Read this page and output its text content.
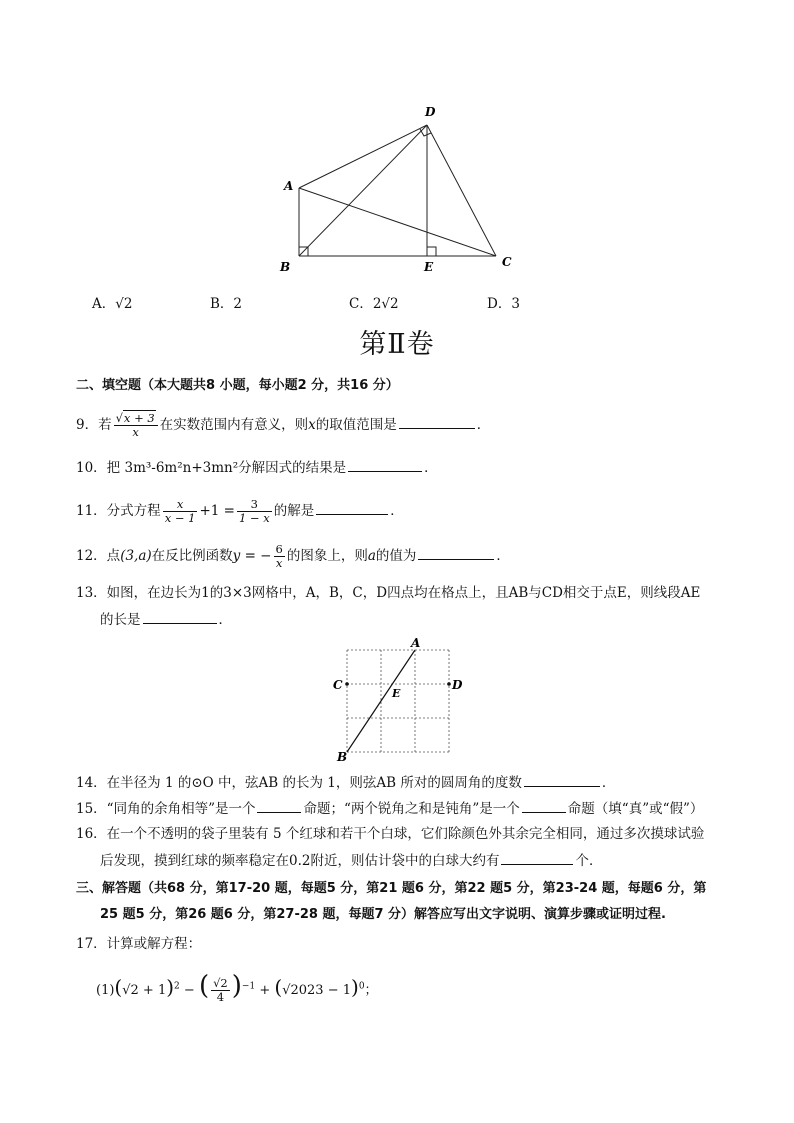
A
B	C
D
E
A．√2	B．2	C．2√2	D．3
第Ⅱ卷
二、填空题（本大题共8 小题，每小题2 分，共16 分）
9．若 $\frac{√x + 3}{x}$ 在实数范围内有意义，则x的取值范围是	．
10．把 3m³-6m²n+3mn²分解因式的结果是	．
11．分式方程 $\frac{x}{x - 1} +1 = \frac{3}{1 - x}$ 的解是	．
12．点(3,a)在反比例函数y = − $\frac{6}{x}$ 的图象上，则a的值为	．
13．如图，在边长为1的3×3网格中，A，B，C，D四点均在格点上，且AB与CD相交于点E，则线段AE
的长是	．
A
B
C	D
E
14．在半径为 1 的⊙O 中，弦AB 的长为 1，则弦AB 所对的圆周角的度数	．
15．“同角的余角相等”是一个	命题；“两个锐角之和是钝角”是一个	命题（填“真”或“假”）
16．在一个不透明的袋子里装有 5 个红球和若干个白球，它们除颜色外其余完全相同，通过多次摸球试验
后发现，摸到红球的频率稳定在0.2附近，则估计袋中的白球大约有	个．
三、解答题（共68 分，第17-20 题，每题5 分，第21 题6 分，第22 题5 分，第23-24 题，每题6 分，第
25 题5 分，第26 题6 分，第27-28 题，每题7 分）解答应写出文字说明、演算步骤或证明过程.
17．计算或解方程：
$(1)(√2 + 1)^2$ − ( $\frac{√2}{4} )^{-1} + (√2023 - 1)^0$；
